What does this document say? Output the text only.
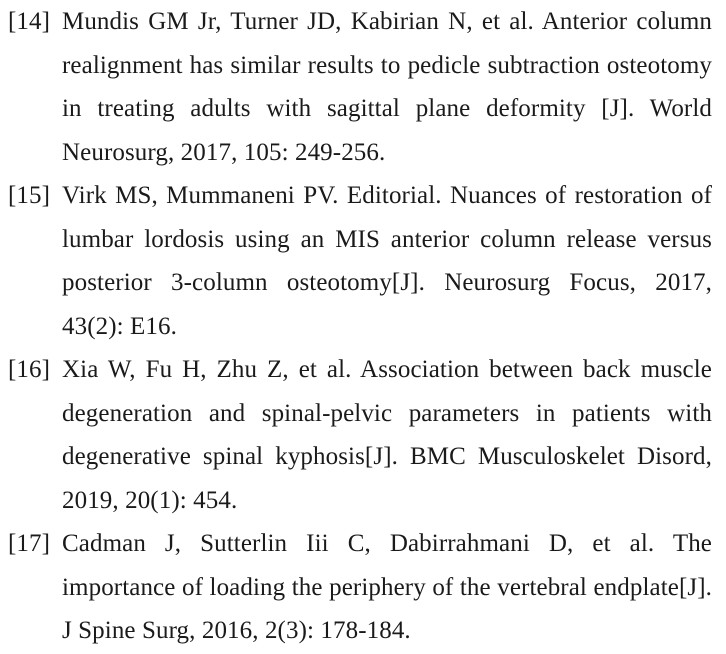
[14] Mundis GM Jr, Turner JD, Kabirian N, et al. Anterior column realignment has similar results to pedicle subtraction osteotomy in treating adults with sagittal plane deformity [J]. World Neurosurg, 2017, 105: 249-256.

[15] Virk MS, Mummaneni PV. Editorial. Nuances of restoration of lumbar lordosis using an MIS anterior column release versus posterior 3-column osteotomy[J]. Neurosurg Focus, 2017, 43(2): E16.

[16] Xia W, Fu H, Zhu Z, et al. Association between back muscle degeneration and spinal-pelvic parameters in patients with degenerative spinal kyphosis[J]. BMC Musculoskelet Disord, 2019, 20(1): 454.

[17] Cadman J, Sutterlin Iii C, Dabirrahmani D, et al. The importance of loading the periphery of the vertebral endplate[J]. J Spine Surg, 2016, 2(3): 178-184.
